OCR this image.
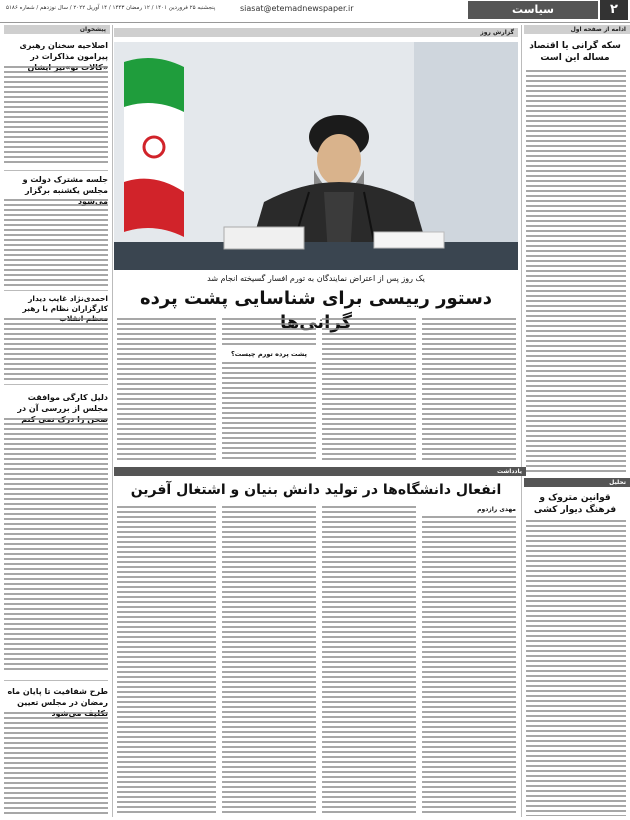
۲
سیاست
siasat@etemadnewspaper.ir
پنجشنبه ۲۵ فروردین ۱۴۰۱ / ۱۲ رمضان ۱۴۴۳ / ۱۴ آوریل ۲۰۲۲ / سال نوزدهم / شماره ۵۱۸۶
ادامه از صفحه اول
سکه گرانی یا اقتصاد مساله این است
تحلیل
قوانین متروک و فرهنگ دیوار کشی
گزارش روز
یک روز پس از اعتراض نمایندگان به تورم افسار گسیخته انجام شد
دستور رییسی برای شناسایی پشت پرده گرانی‌ها
پشت پرده تورم چیست؟
یادداشت
انفعال دانشگاه‌ها در تولید دانش بنیان و اشتغال آفرین
مهدی رازدوم
پیشخوان
اصلاحیه سخنان رهبری پیرامون مذاکرات در «کالات نو»نیز ایشان
جلسه مشترک دولت و مجلس یکشنبه برگزار می‌شود
احمدی‌نژاد غایب دیدار کارگزاران نظام با رهبر معظم انقلاب
دلیل کارگی موافقت مجلس از بررسی آن در صحن را درک نمی کنم
طرح شفافیت تا پایان ماه رمضان در مجلس تعیین تکلیف می‌شود
